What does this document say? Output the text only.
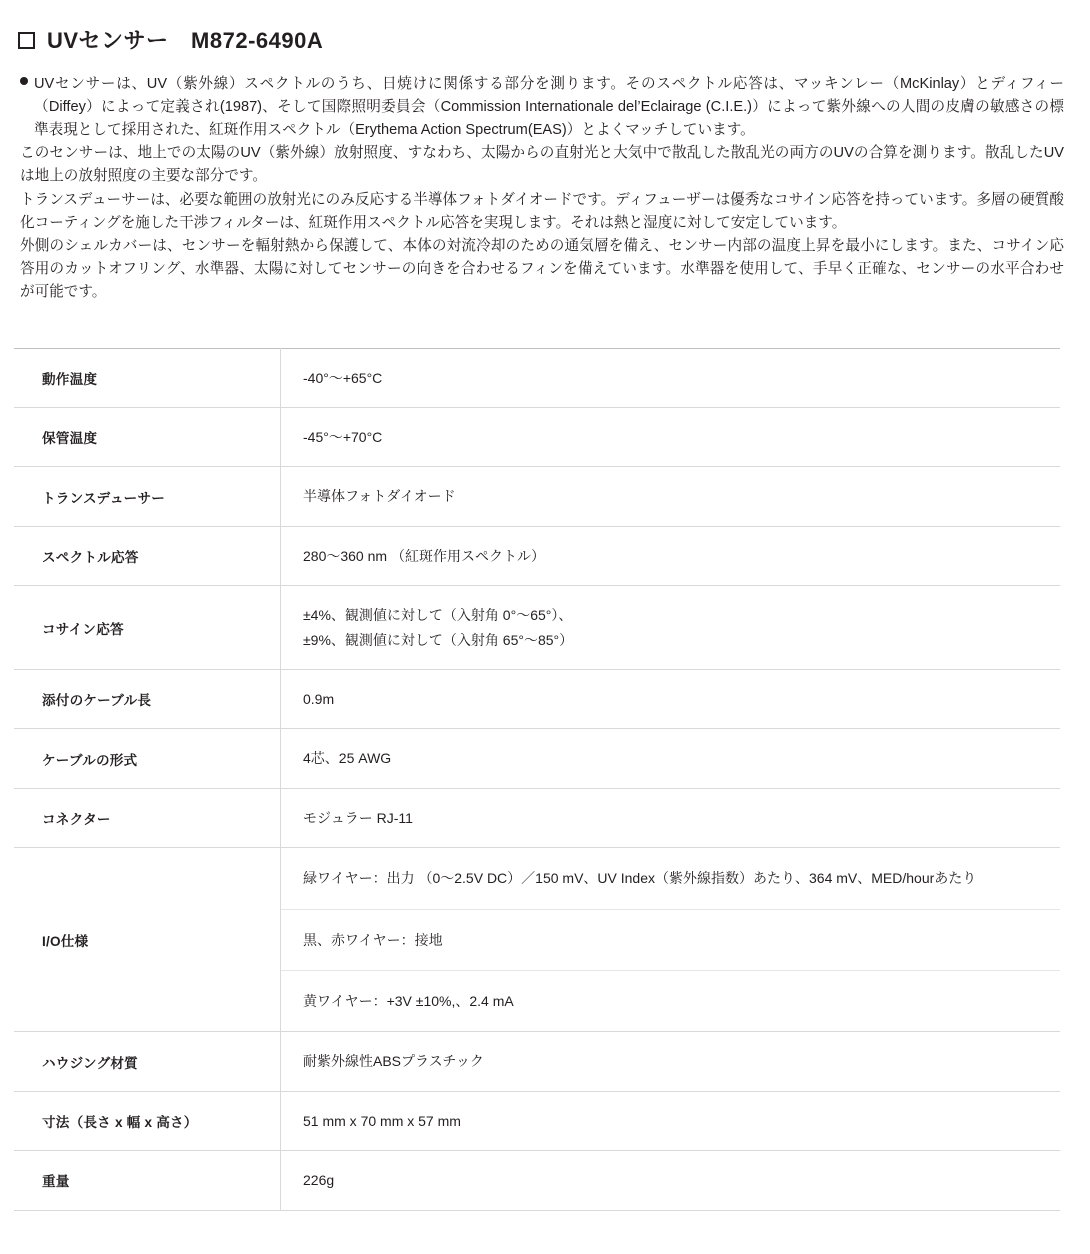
UVセンサー　M872-6490A

UVセンサーは、UV（紫外線）スペクトルのうち、日焼けに関係する部分を測ります。そのスペクトル応答は、マッキンレー（McKinlay）とディフィー（Diffey）によって定義され(1987)、そして国際照明委員会（Commission Internationale del’Eclairage (C.I.E.)）によって紫外線への人間の皮膚の敏感さの標準表現として採用された、紅斑作用スペクトル（Erythema Action Spectrum(EAS)）とよくマッチしています。

このセンサーは、地上での太陽のUV（紫外線）放射照度、すなわち、太陽からの直射光と大気中で散乱した散乱光の両方のUVの合算を測ります。散乱したUVは地上の放射照度の主要な部分です。

トランスデューサーは、必要な範囲の放射光にのみ反応する半導体フォトダイオードです。ディフューザーは優秀なコサイン応答を持っています。多層の硬質酸化コーティングを施した干渉フィルターは、紅斑作用スペクトル応答を実現します。それは熱と湿度に対して安定しています。

外側のシェルカバーは、センサーを輻射熱から保護して、本体の対流冷却のための通気層を備え、センサー内部の温度上昇を最小にします。また、コサイン応答用のカットオフリング、水準器、太陽に対してセンサーの向きを合わせるフィンを備えています。水準器を使用して、手早く正確な、センサーの水平合わせが可能です。

動作温度	-40°～+65°C

保管温度	-45°～+70°C

トランスデューサー	半導体フォトダイオード

スペクトル応答	280～360 nm （紅斑作用スペクトル）

コサイン応答	±4%、観測値に対して（入射角 0°～65°）、
±9%、観測値に対して（入射角 65°～85°）

添付のケーブル長	0.9m

ケーブルの形式	4芯、25 AWG

コネクター	モジュラー RJ-11

I/O仕様	緑ワイヤー：出力 （0～2.5V DC）／150 mV、UV Index（紫外線指数）あたり、364 mV、MED/hourあたり
黒、赤ワイヤー：接地
黄ワイヤー：+3V ±10%,、2.4 mA

ハウジング材質	耐紫外線性ABSプラスチック

寸法（長さ x 幅 x 高さ）	51 mm x 70 mm x 57 mm

重量	226g
